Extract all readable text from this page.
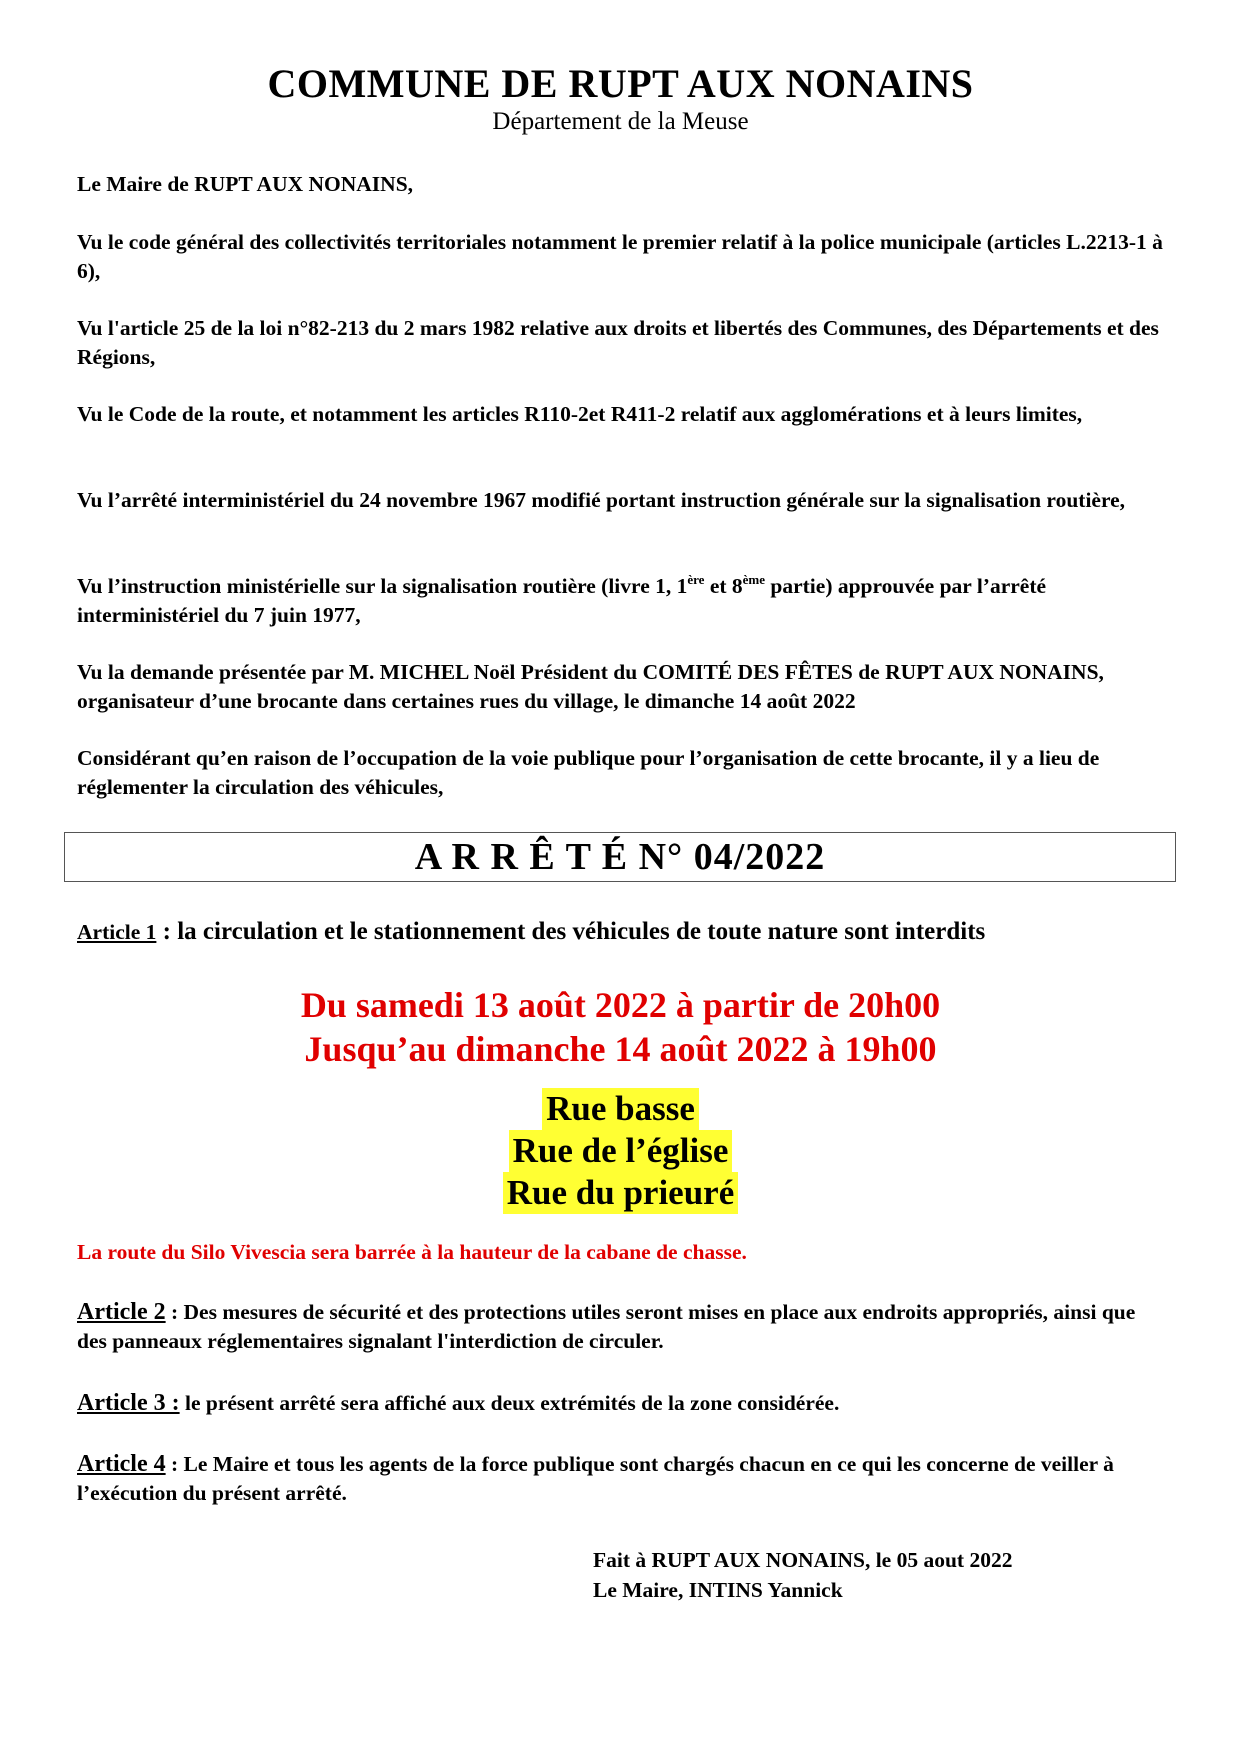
COMMUNE DE RUPT AUX NONAINS

Département de la Meuse

Le Maire de RUPT AUX NONAINS,

Vu le code général des collectivités territoriales notamment le premier relatif à la police municipale (articles L.2213-1 à 6),

Vu l'article 25 de la loi n°82-213 du 2 mars 1982 relative aux droits et libertés des Communes, des Départements et des Régions,

Vu le Code de la route, et notamment les articles R110-2et R411-2 relatif aux agglomérations et à leurs limites,

Vu l’arrêté interministériel du 24 novembre 1967 modifié portant instruction générale sur la signalisation routière,

Vu l’instruction ministérielle sur la signalisation routière (livre 1, 1ère et 8ème partie) approuvée par l’arrêté interministériel du 7 juin 1977,

Vu la demande présentée par M. MICHEL Noël Président du COMITÉ DES FÊTES de RUPT AUX NONAINS, organisateur d’une brocante dans certaines rues du village, le dimanche 14 août 2022

Considérant qu’en raison de l’occupation de la voie publique pour l’organisation de cette brocante, il y a lieu de réglementer la circulation des véhicules,

A R R Ê T É N° 04/2022

Article 1 : la circulation et le stationnement des véhicules de toute nature sont interdits

Du samedi 13 août 2022 à partir de 20h00
Jusqu’au dimanche 14 août 2022 à 19h00
Rue basse
Rue de l’église
Rue du prieuré

La route du Silo Vivescia sera barrée à la hauteur de la cabane de chasse.

Article 2 : Des mesures de sécurité et des protections utiles seront mises en place aux endroits appropriés, ainsi que des panneaux réglementaires signalant l'interdiction de circuler.

Article 3 : le présent arrêté sera affiché aux deux extrémités de la zone considérée.

Article 4 : Le Maire et tous les agents de la force publique sont chargés chacun en ce qui les concerne de veiller à l’exécution du présent arrêté.

Fait à RUPT AUX NONAINS, le 05 aout 2022
Le Maire, INTINS Yannick
